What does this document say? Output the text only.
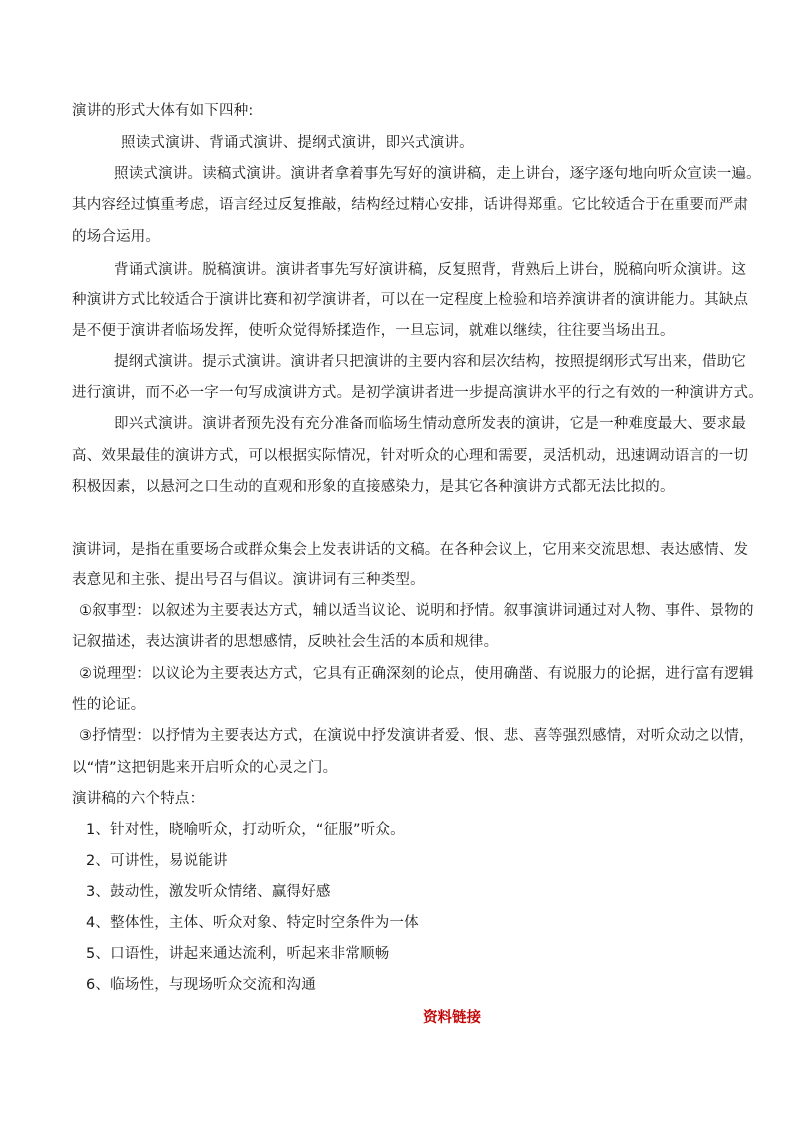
演讲的形式大体有如下四种:
照读式演讲、背诵式演讲、提纲式演讲，即兴式演讲。
照读式演讲。读稿式演讲。演讲者拿着事先写好的演讲稿，走上讲台，逐字逐句地向听众宣读一遍。
其内容经过慎重考虑，语言经过反复推敲，结构经过精心安排，话讲得郑重。它比较适合于在重要而严肃
的场合运用。
背诵式演讲。脱稿演讲。演讲者事先写好演讲稿，反复照背，背熟后上讲台，脱稿向听众演讲。这
种演讲方式比较适合于演讲比赛和初学演讲者，可以在一定程度上检验和培养演讲者的演讲能力。其缺点
是不便于演讲者临场发挥，使听众觉得矫揉造作，一旦忘词，就难以继续，往往要当场出丑。
提纲式演讲。提示式演讲。演讲者只把演讲的主要内容和层次结构，按照提纲形式写出来，借助它
进行演讲，而不必一字一句写成演讲方式。是初学演讲者进一步提高演讲水平的行之有效的一种演讲方式。
即兴式演讲。演讲者预先没有充分准备而临场生情动意所发表的演讲，它是一种难度最大、要求最
高、效果最佳的演讲方式，可以根据实际情况，针对听众的心理和需要，灵活机动，迅速调动语言的一切
积极因素，以悬河之口生动的直观和形象的直接感染力，是其它各种演讲方式都无法比拟的。
演讲词，是指在重要场合或群众集会上发表讲话的文稿。在各种会议上，它用来交流思想、表达感情、发
表意见和主张、提出号召与倡议。演讲词有三种类型。
①叙事型：以叙述为主要表达方式，辅以适当议论、说明和抒情。叙事演讲词通过对人物、事件、景物的
记叙描述，表达演讲者的思想感情，反映社会生活的本质和规律。
②说理型：以议论为主要表达方式，它具有正确深刻的论点，使用确凿、有说服力的论据，进行富有逻辑
性的论证。
③抒情型：以抒情为主要表达方式，在演说中抒发演讲者爱、恨、悲、喜等强烈感情，对听众动之以情，
以“情”这把钥匙来开启听众的心灵之门。
演讲稿的六个特点：
1、针对性，晓喻听众，打动听众，“征服”听众。
2、可讲性，易说能讲
3、鼓动性，激发听众情绪、赢得好感
4、整体性，主体、听众对象、特定时空条件为一体
5、口语性，讲起来通达流利，听起来非常顺畅
6、临场性，与现场听众交流和沟通
资料链接
